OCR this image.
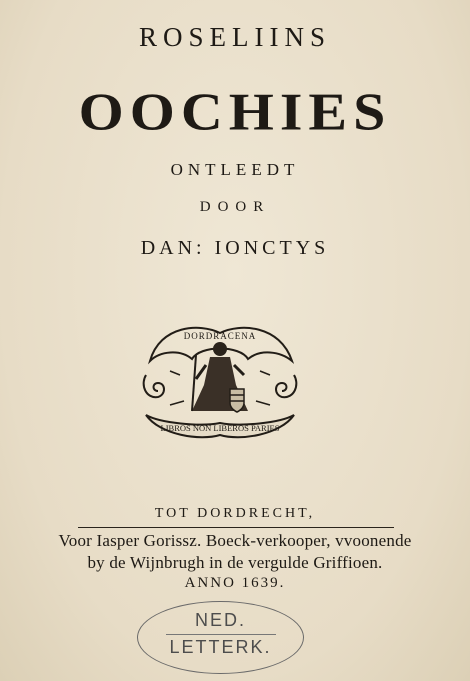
ROSELIINS
OOCHIES
ONTLEEDT
DOOR
DAN: IONCTYS
DORDRACENA
LIBROS NON LIBEROS PARIES
TOT DORDRECHT,
Voor Iasper Gorissz. Boeck-verkooper, vvoonende
by de Wijnbrugh in de vergulde Griffioen.
ANNO 1639.
NED.
LETTERK.
